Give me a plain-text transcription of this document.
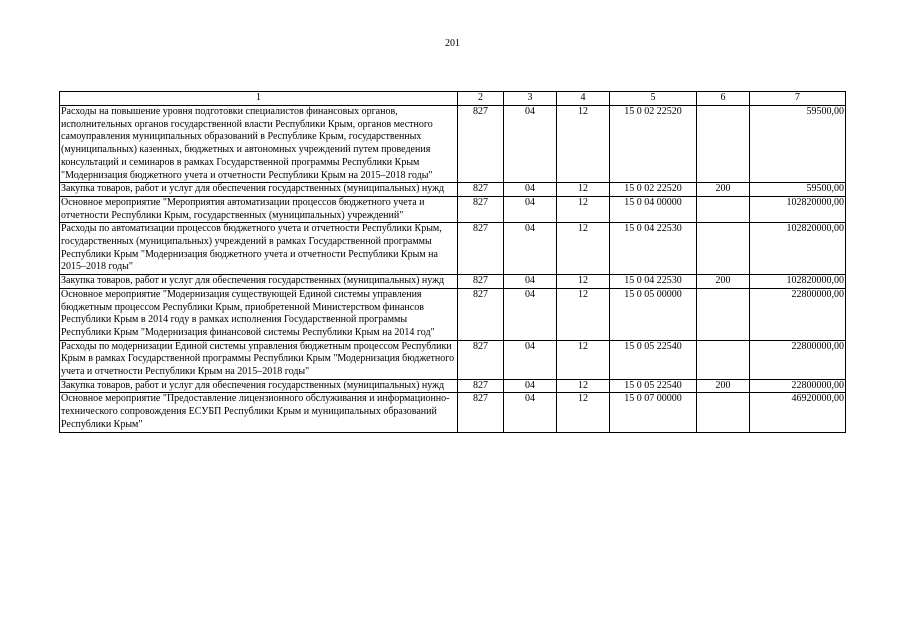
201
1	2	3	4	5	6	7
Расходы на повышение уровня подготовки специалистов финансовых органов, исполнительных органов государственной власти Республики Крым, органов местного самоуправления муниципальных образований в Республике Крым, государственных (муниципальных) казенных, бюджетных и автономных учреждений путем проведения консультаций и семинаров в рамках Государственной программы Республики Крым "Модернизация бюджетного учета и отчетности Республики Крым на 2015–2018 годы"	827	04	12	15 0 02 22520		59500,00
Закупка товаров, работ и услуг для обеспечения государственных (муниципальных) нужд	827	04	12	15 0 02 22520	200	59500,00
Основное мероприятие "Мероприятия автоматизации процессов бюджетного учета и отчетности Республики Крым, государственных (муниципальных) учреждений"	827	04	12	15 0 04 00000		102820000,00
Расходы по автоматизации процессов бюджетного учета и отчетности Республики Крым, государственных (муниципальных) учреждений в рамках Государственной программы Республики Крым "Модернизация бюджетного учета и отчетности Республики Крым на 2015–2018 годы"	827	04	12	15 0 04 22530		102820000,00
Закупка товаров, работ и услуг для обеспечения государственных (муниципальных) нужд	827	04	12	15 0 04 22530	200	102820000,00
Основное мероприятие "Модернизация существующей Единой системы управления бюджетным процессом Республики Крым, приобретенной Министерством финансов Республики Крым в 2014 году в рамках исполнения Государственной программы Республики Крым "Модернизация финансовой системы Республики Крым на 2014 год"	827	04	12	15 0 05 00000		22800000,00
Расходы по модернизации Единой системы управления бюджетным процессом Республики Крым в рамках Государственной программы Республики Крым "Модернизация бюджетного учета и отчетности Республики Крым на 2015–2018 годы"	827	04	12	15 0 05 22540		22800000,00
Закупка товаров, работ и услуг для обеспечения государственных (муниципальных) нужд	827	04	12	15 0 05 22540	200	22800000,00
Основное мероприятие "Предоставление лицензионного обслуживания и информационно-технического сопровождения ЕСУБП Республики Крым и муниципальных образований Республики Крым"	827	04	12	15 0 07 00000		46920000,00
